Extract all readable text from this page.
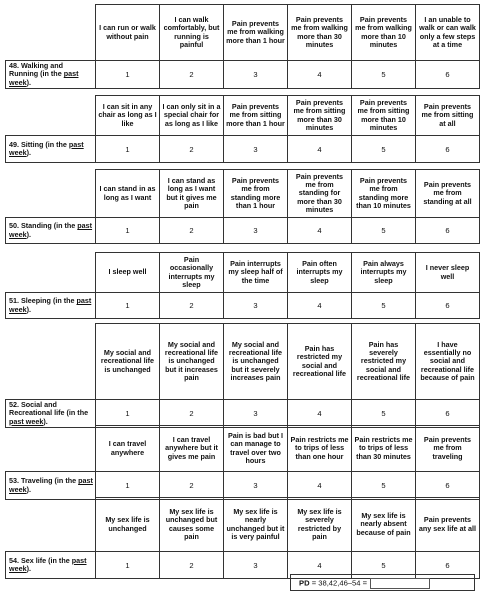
	I can run or walk without pain	I can walk comfortably, but running is painful	Pain prevents me from walking more than 1 hour	Pain prevents me from walking more than 30 minutes	Pain prevents me from walking more than 10 minutes	I an unable to walk or can walk only a few steps at a time
48. Walking and Running (in the past week).	1	2	3	4	5	6
	I can sit in any chair as long as I like	I can only sit in a special chair for as long as I like	Pain prevents me from sitting more than 1 hour	Pain prevents me from sitting more than 30 minutes	Pain prevents me from sitting more than 10 minutes	Pain prevents me from sitting at all
49. Sitting (in the past week).	1	2	3	4	5	6
	I can stand in as long as I want	I can stand as long as I want but it gives me pain	Pain prevents me from standing more than 1 hour	Pain prevents me from standing for more than 30 minutes	Pain prevents me from standing more than 10 minutes	Pain prevents me from standing at all
50. Standing (in the past week).	1	2	3	4	5	6
	I sleep well	Pain occasionally interrupts my sleep	Pain interrupts my sleep half of the time	Pain often interrupts my sleep	Pain always interrupts my sleep	I never sleep well
51. Sleeping (in the past week).	1	2	3	4	5	6
	My social and recreational life is unchanged	My social and recreational life is unchanged but it increases pain	My social and recreational life is unchanged but it severely increases pain	Pain has restricted my social and recreational life	Pain has severely restricted my social and recreational life	I have essentially no social and recreational life because of pain
52. Social and Recreational life (in the past week).	1	2	3	4	5	6
	I can travel anywhere	I can travel anywhere but it gives me pain	Pain is bad but I can manage to travel over two hours	Pain restricts me to trips of less than one hour	Pain restricts me to trips of less than 30 minutes	Pain prevents me from traveling
53. Traveling (in the past week).	1	2	3	4	5	6
	My sex life is unchanged	My sex life is unchanged but causes some pain	My sex life is nearly unchanged but it is very painful	My sex life is severely restricted by pain	My sex life is nearly absent because of pain	Pain prevents any sex life at all
54. Sex life (in the past week).	1	2	3	4	5	6
PD = 38,42,46–54 =
